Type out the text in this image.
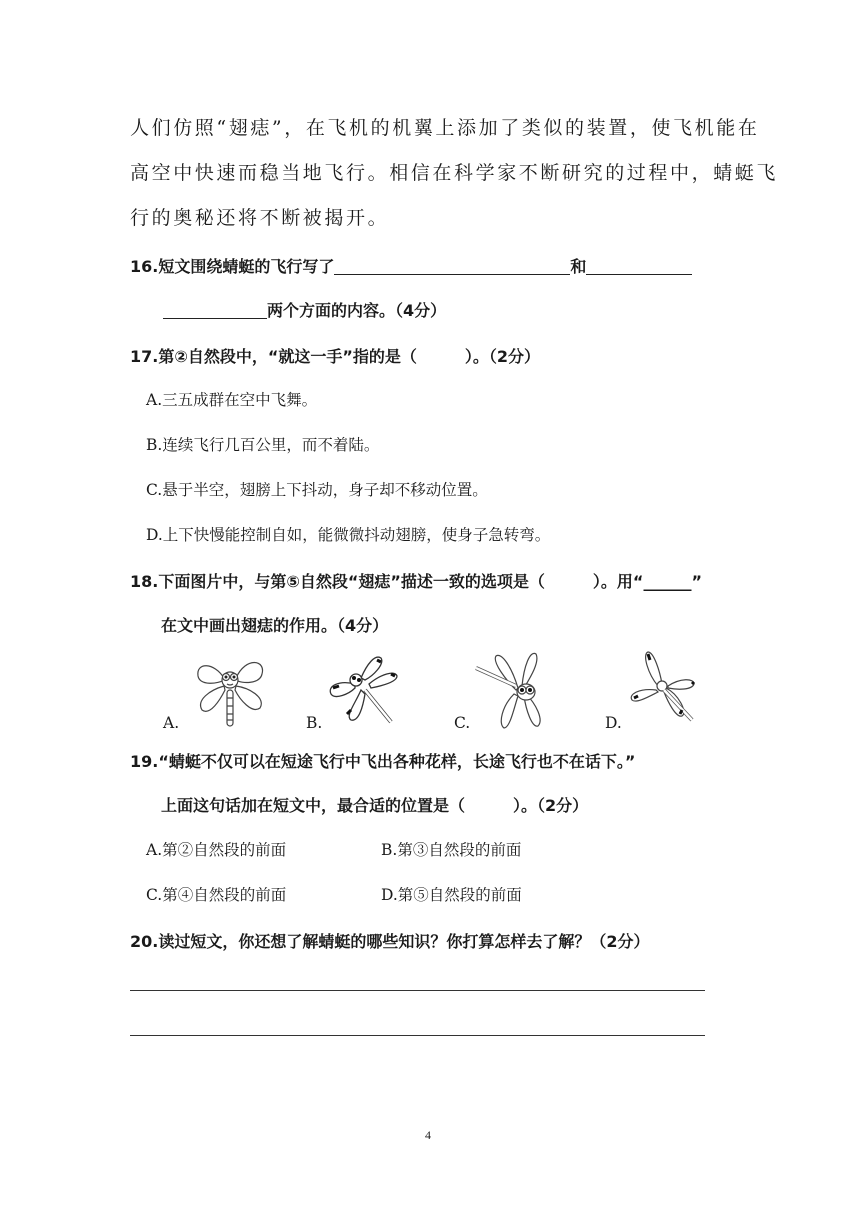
人们仿照“翅痣”，在飞机的机翼上添加了类似的装置，使飞机能在
高空中快速而稳当地飞行。相信在科学家不断研究的过程中，蜻蜓飞
行的奥秘还将不断被揭开。
16.短文围绕蜻蜓的飞行写了	和
两个方面的内容。（4分）
17.第②自然段中，“就这一手”指的是（　　　）。（2分）
A.三五成群在空中飞舞。
B.连续飞行几百公里，而不着陆。
C.悬于半空，翅膀上下抖动，身子却不移动位置。
D.上下快慢能控制自如，能微微抖动翅膀，使身子急转弯。
18.下面图片中，与第⑤自然段“翅痣”描述一致的选项是（　　　）。用“______”
在文中画出翅痣的作用。（4分）
A.	B.	C.	D.
19.“蜻蜓不仅可以在短途飞行中飞出各种花样，长途飞行也不在话下。”
上面这句话加在短文中，最合适的位置是（　　　）。（2分）
A.第②自然段的前面	B.第③自然段的前面
C.第④自然段的前面	D.第⑤自然段的前面
20.读过短文，你还想了解蜻蜓的哪些知识？你打算怎样去了解？（2分）
4
